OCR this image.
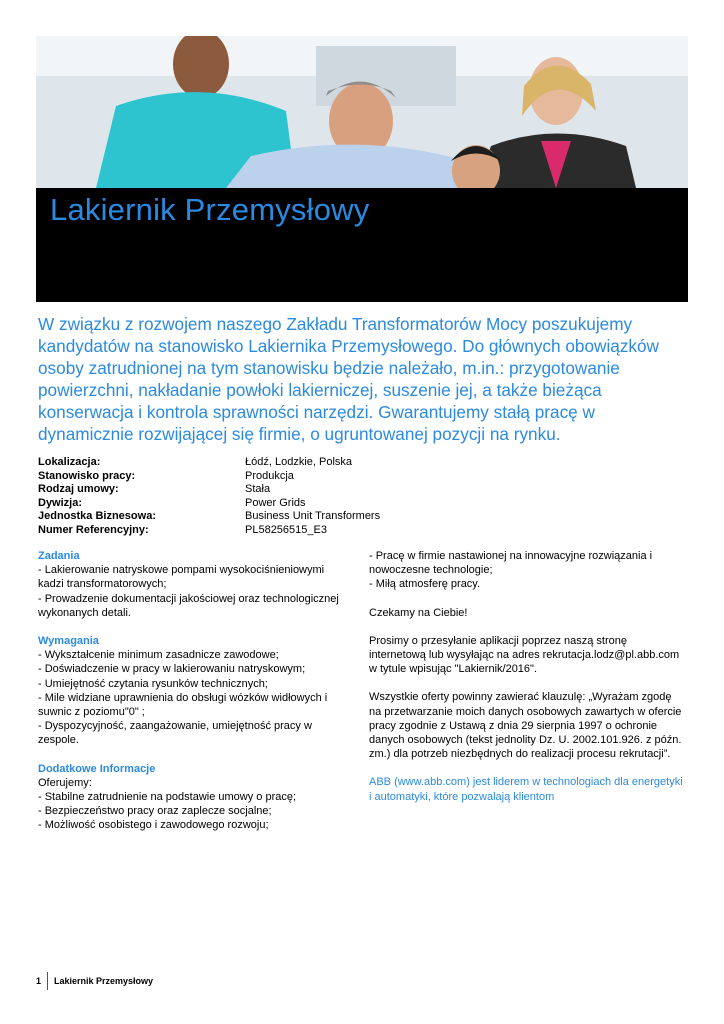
Lakiernik Przemysłowy
W związku z rozwojem naszego Zakładu Transformatorów Mocy poszukujemy kandydatów na stanowisko Lakiernika Przemysłowego. Do głównych obowiązków osoby zatrudnionej na tym stanowisku będzie należało, m.in.: przygotowanie powierzchni, nakładanie powłoki lakierniczej, suszenie jej, a także bieżąca konserwacja i kontrola sprawności narzędzi. Gwarantujemy stałą pracę w dynamicznie rozwijającej się firmie, o ugruntowanej pozycji na rynku.
Lokalizacja:	Łódź, Lodzkie, Polska
Stanowisko pracy:	Produkcja
Rodzaj umowy:	Stała
Dywizja:	Power Grids
Jednostka Biznesowa:	Business Unit Transformers
Numer Referencyjny:	PL58256515_E3

Zadania

- Lakierowanie natryskowe pompami wysokociśnieniowymi kadzi transformatorowych;

- Prowadzenie dokumentacji jakościowej oraz technologicznej wykonanych detali.

Wymagania

- Wykształcenie minimum zasadnicze zawodowe;

- Doświadczenie w pracy w lakierowaniu natryskowym;

- Umiejętność czytania rysunków technicznych;

- Mile widziane uprawnienia do obsługi wózków widłowych i suwnic z poziomu"0" ;

- Dyspozycyjność, zaangażowanie, umiejętność pracy w zespole.

Dodatkowe Informacje

Oferujemy:

- Stabilne zatrudnienie na podstawie umowy o pracę;

- Bezpieczeństwo pracy oraz zaplecze socjalne;

- Możliwość osobistego i zawodowego rozwoju;

- Pracę w firmie nastawionej na innowacyjne rozwiązania i nowoczesne technologie;

- Miłą atmosferę pracy.

Czekamy na Ciebie!

Prosimy o przesyłanie aplikacji poprzez naszą stronę internetową lub wysyłając na adres rekrutacja.lodz@pl.abb.com w tytule wpisując "Lakiernik/2016".

Wszystkie oferty powinny zawierać klauzulę: „Wyrażam zgodę na przetwarzanie moich danych osobowych zawartych w ofercie pracy zgodnie z Ustawą z dnia 29 sierpnia 1997 o ochronie danych osobowych (tekst jednolity Dz. U. 2002.101.926. z późn. zm.) dla potrzeb niezbędnych do realizacji procesu rekrutacji”.

ABB (www.abb.com) jest liderem w technologiach dla energetyki i automatyki, które pozwalają klientom

1	Lakiernik Przemysłowy
